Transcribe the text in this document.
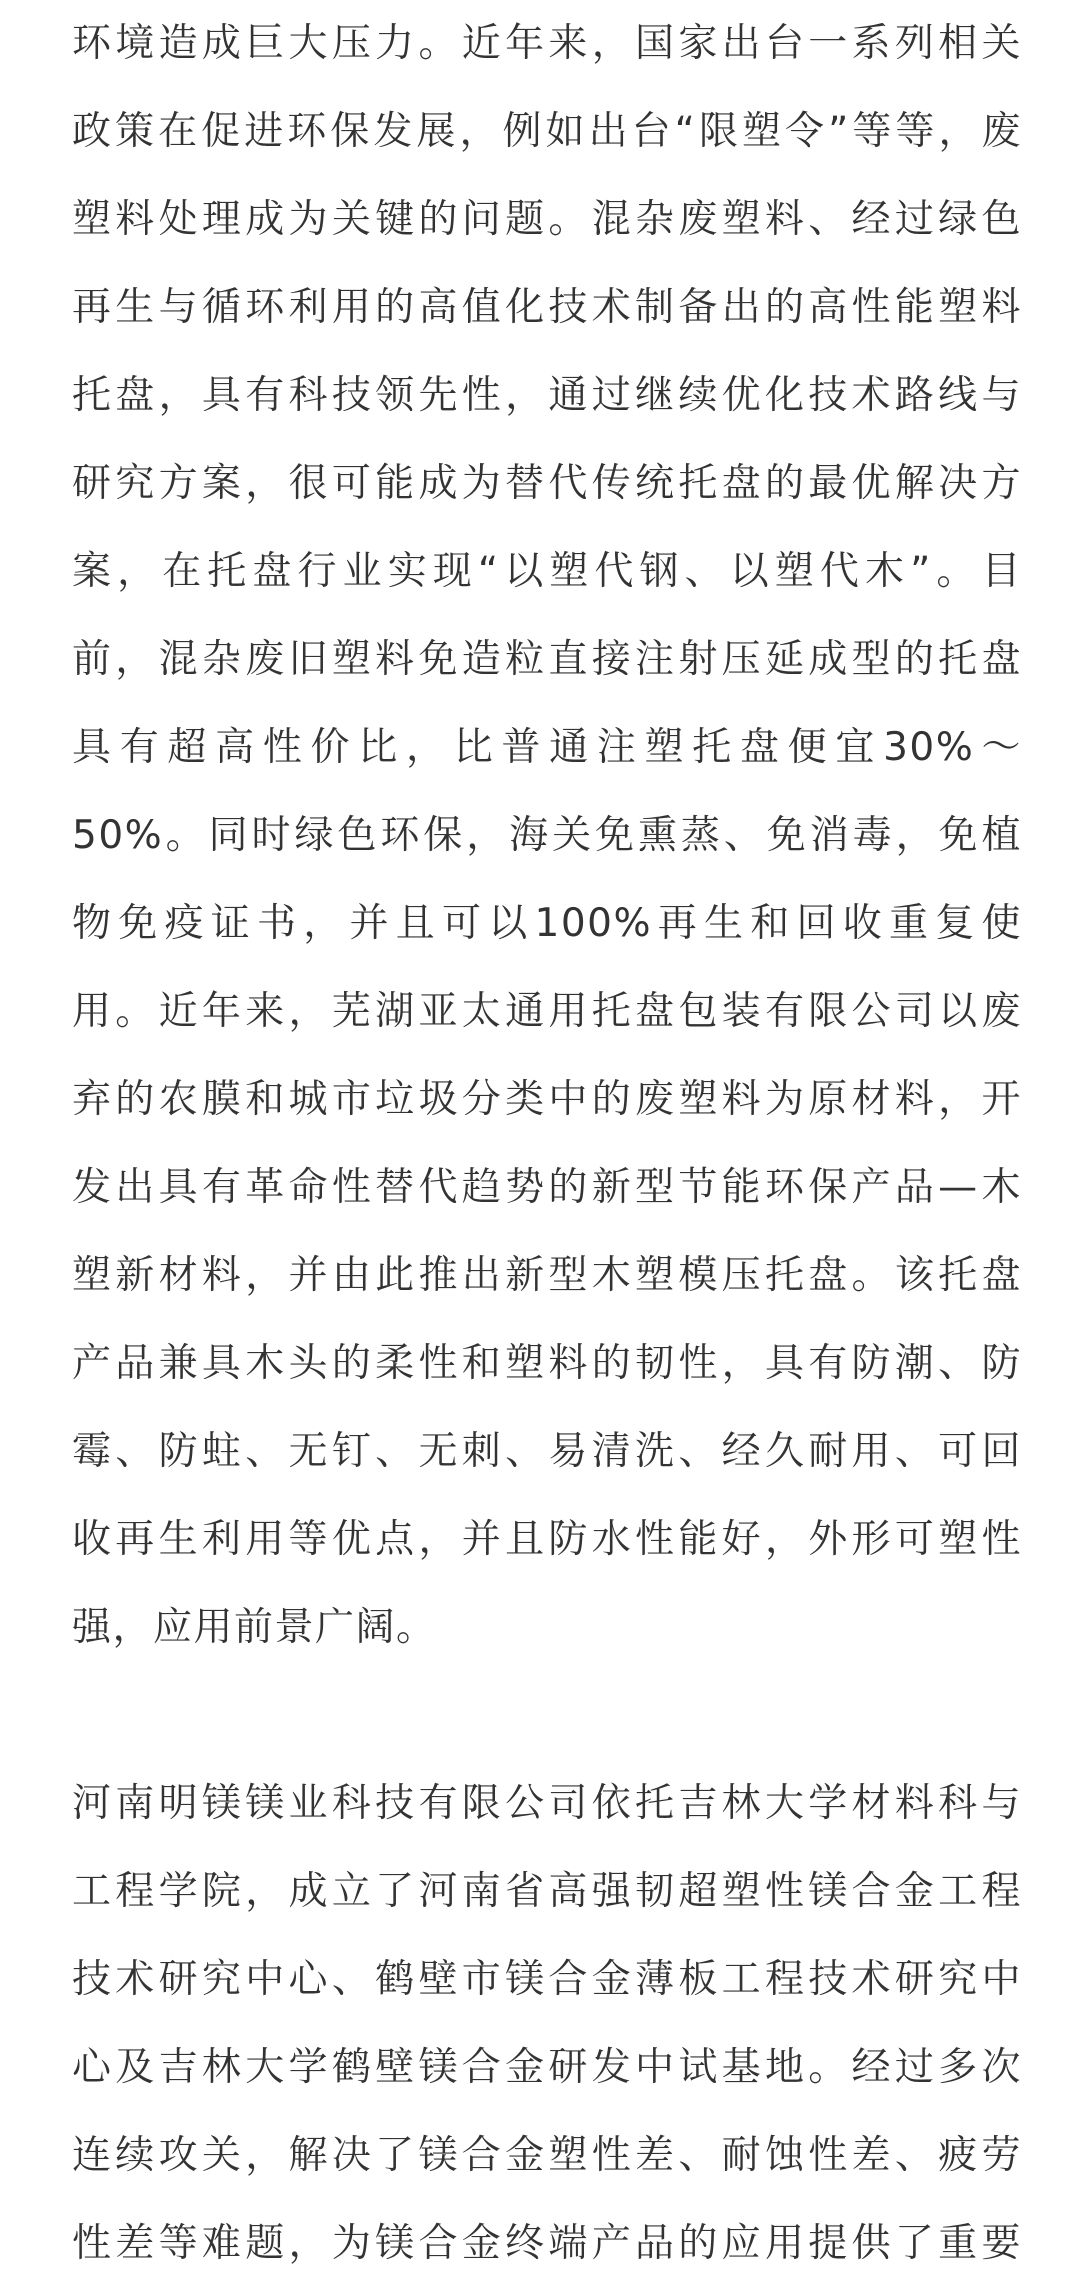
环境造成巨大压力。近年来，国家出台一系列相关
政策在促进环保发展，例如出台“限塑令”等等，废
塑料处理成为关键的问题。混杂废塑料、经过绿色
再生与循环利用的高值化技术制备出的高性能塑料
托盘，具有科技领先性，通过继续优化技术路线与
研究方案，很可能成为替代传统托盘的最优解决方
案，在托盘行业实现“以塑代钢、以塑代木”。目
前，混杂废旧塑料免造粒直接注射压延成型的托盘
具有超高性价比，比普通注塑托盘便宜30%～
50%。同时绿色环保，海关免熏蒸、免消毒，免植
物免疫证书，并且可以100%再生和回收重复使
用。近年来，芜湖亚太通用托盘包装有限公司以废
弃的农膜和城市垃圾分类中的废塑料为原材料，开
发出具有革命性替代趋势的新型节能环保产品—木
塑新材料，并由此推出新型木塑模压托盘。该托盘
产品兼具木头的柔性和塑料的韧性，具有防潮、防
霉、防蛀、无钉、无刺、易清洗、经久耐用、可回
收再生利用等优点，并且防水性能好，外形可塑性
强，应用前景广阔。
河南明镁镁业科技有限公司依托吉林大学材料科与
工程学院，成立了河南省高强韧超塑性镁合金工程
技术研究中心、鹤壁市镁合金薄板工程技术研究中
心及吉林大学鹤壁镁合金研发中试基地。经过多次
连续攻关，解决了镁合金塑性差、耐蚀性差、疲劳
性差等难题，为镁合金终端产品的应用提供了重要
